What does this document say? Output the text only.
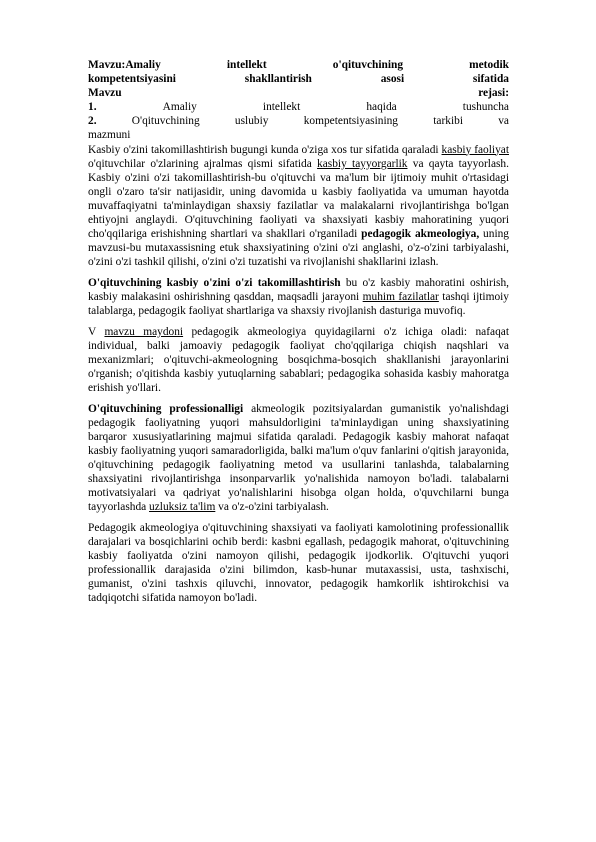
Mavzu:Amaliy	intellekt	o'qituvchining	metodik
kompetentsiyasini	shakllantirish	asosi	sifatida
Mavzu	rejasi:
1.	Amaliy	intellekt	haqida	tushuncha
2.	O'qituvchining	uslubiy	kompetentsiyasining	tarkibi	va
mazmuni

Kasbiy o'zini takomillashtirish bugungi kunda o'ziga xos tur sifatida qaraladi kasbiy faoliyat o'qituvchilar o'zlarining ajralmas qismi sifatida kasbiy tayyorgarlik va qayta tayyorlash. Kasbiy o'zini o'zi takomillashtirish-bu o'qituvchi va ma'lum bir ijtimoiy muhit o'rtasidagi ongli o'zaro ta'sir natijasidir, uning davomida u kasbiy faoliyatida va umuman hayotda muvaffaqiyatni ta'minlaydigan shaxsiy fazilatlar va malakalarni rivojlantirishga bo'lgan ehtiyojni anglaydi. O'qituvchining faoliyati va shaxsiyati kasbiy mahoratining yuqori cho'qqilariga erishishning shartlari va shakllari o'rganiladi pedagogik akmeologiya, uning mavzusi-bu mutaxassisning etuk shaxsiyatining o'zini o'zi anglashi, o'z-o'zini tarbiyalashi, o'zini o'zi tashkil qilishi, o'zini o'zi tuzatishi va rivojlanishi shakllarini izlash.

O'qituvchining kasbiy o'zini o'zi takomillashtirish bu o'z kasbiy mahoratini oshirish, kasbiy malakasini oshirishning qasddan, maqsadli jarayoni muhim fazilatlar tashqi ijtimoiy talablarga, pedagogik faoliyat shartlariga va shaxsiy rivojlanish dasturiga muvofiq.

V mavzu maydoni pedagogik akmeologiya quyidagilarni o'z ichiga oladi: nafaqat individual, balki jamoaviy pedagogik faoliyat cho'qqilariga chiqish naqshlari va mexanizmlari; o'qituvchi-akmeologning bosqichma-bosqich shakllanishi jarayonlarini o'rganish; o'qitishda kasbiy yutuqlarning sabablari; pedagogika sohasida kasbiy mahoratga erishish yo'llari.

O'qituvchining professionalligi akmeologik pozitsiyalardan gumanistik yo'nalishdagi pedagogik faoliyatning yuqori mahsuldorligini ta'minlaydigan uning shaxsiyatining barqaror xususiyatlarining majmui sifatida qaraladi. Pedagogik kasbiy mahorat nafaqat kasbiy faoliyatning yuqori samaradorligida, balki ma'lum o'quv fanlarini o'qitish jarayonida, o'qituvchining pedagogik faoliyatning metod va usullarini tanlashda, talabalarning shaxsiyatini rivojlantirishga insonparvarlik yo'nalishida namoyon bo'ladi. talabalarni motivatsiyalari va qadriyat yo'nalishlarini hisobga olgan holda, o'quvchilarni bunga tayyorlashda uzluksiz ta'lim va o'z-o'zini tarbiyalash.

Pedagogik akmeologiya o'qituvchining shaxsiyati va faoliyati kamolotining professionallik darajalari va bosqichlarini ochib berdi: kasbni egallash, pedagogik mahorat, o'qituvchining kasbiy faoliyatda o'zini namoyon qilishi, pedagogik ijodkorlik. O'qituvchi yuqori professionallik darajasida o'zini bilimdon, kasb-hunar mutaxassisi, usta, tashxischi, gumanist, o'zini tashxis qiluvchi, innovator, pedagogik hamkorlik ishtirokchisi va tadqiqotchi sifatida namoyon bo'ladi.
